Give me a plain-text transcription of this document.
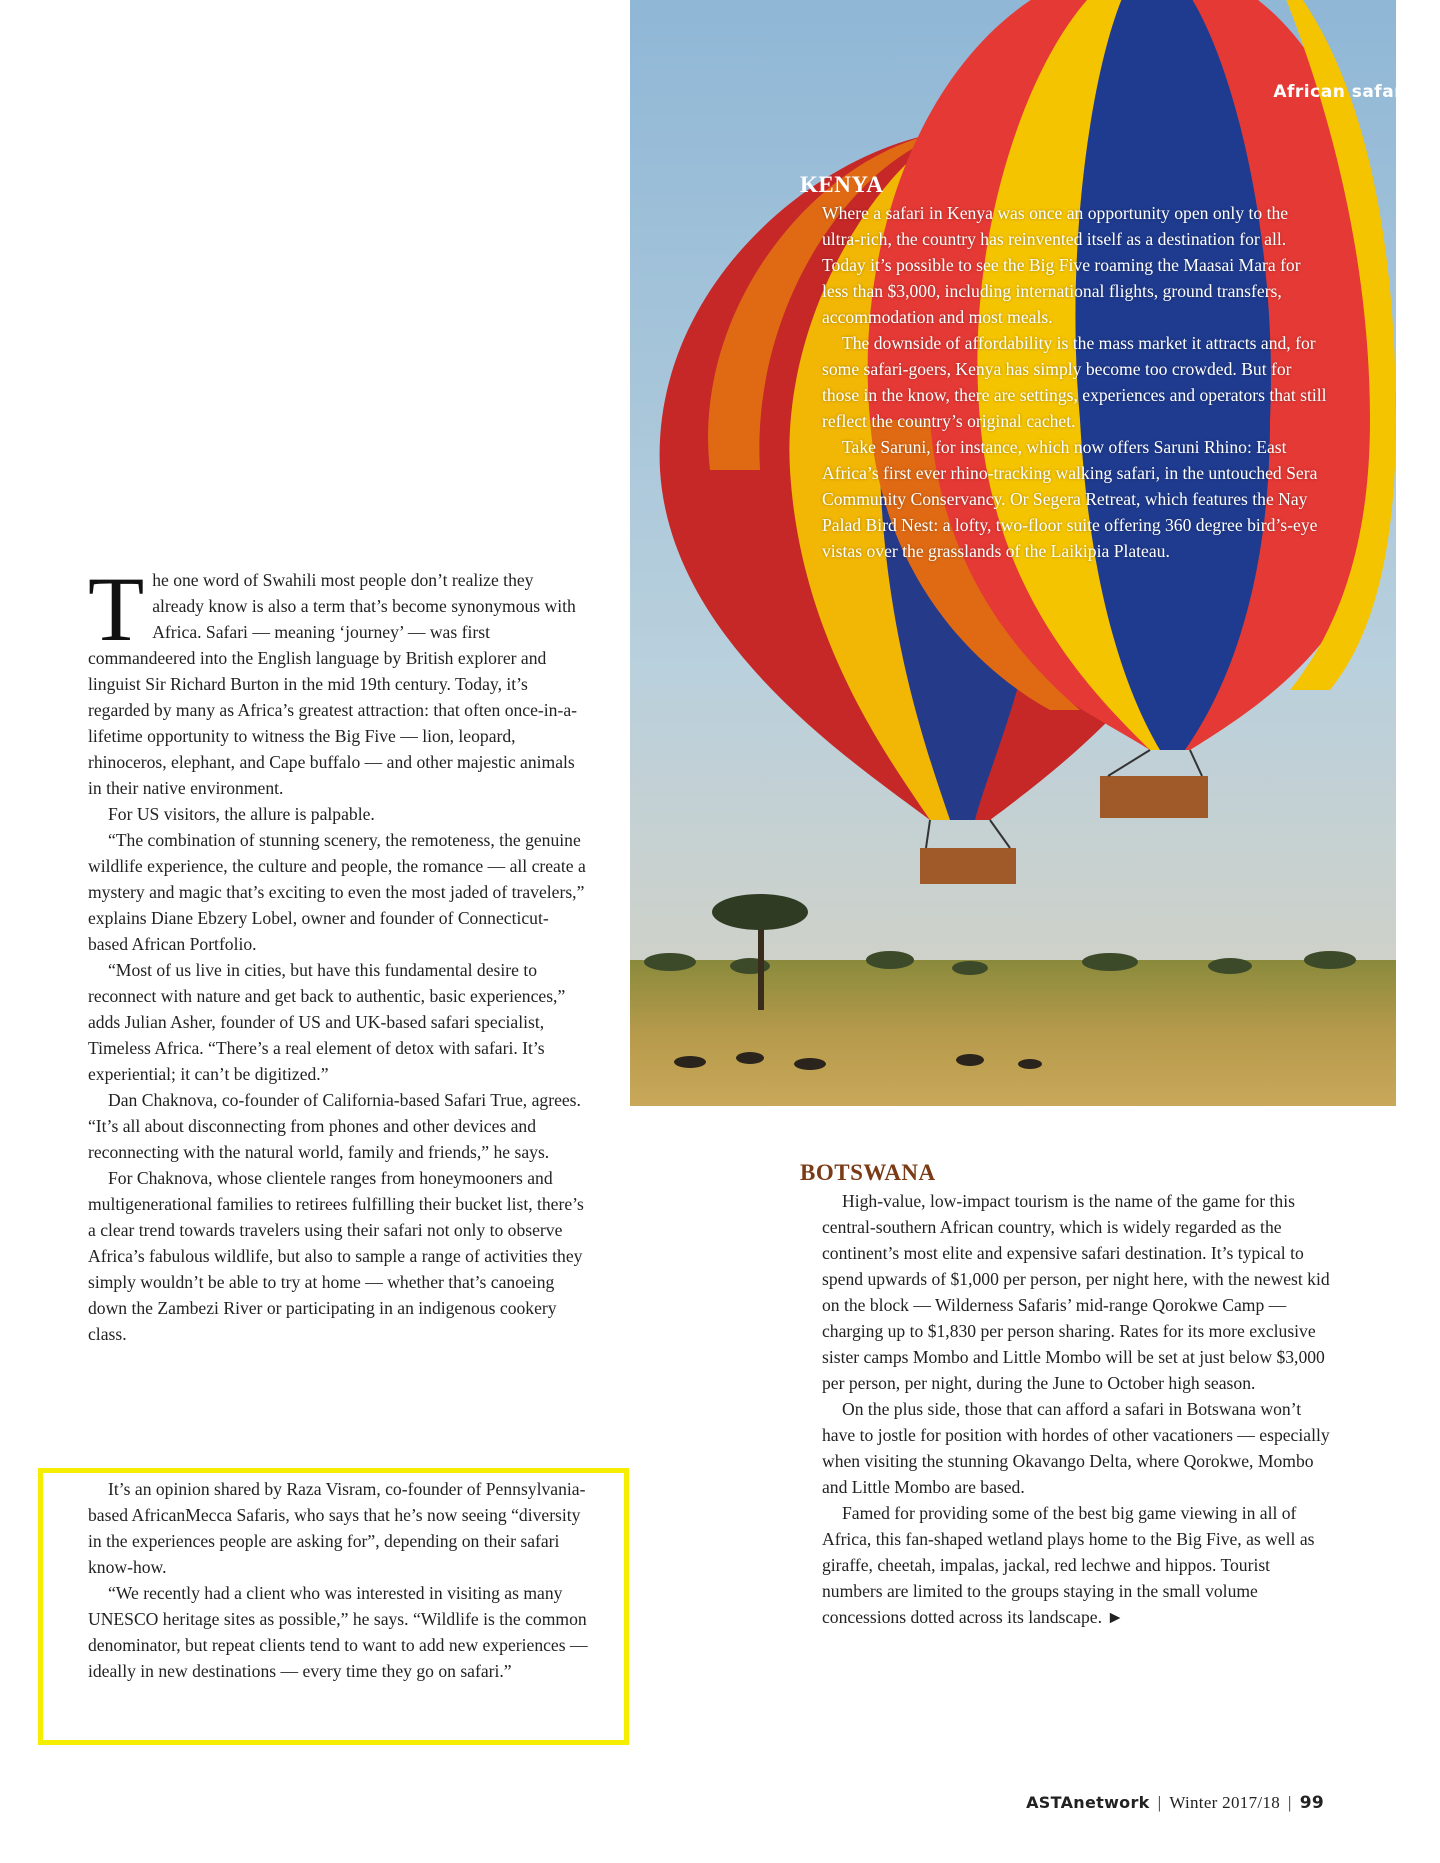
African safaris
KENYA

Where a safari in Kenya was once an opportunity open only to the ultra-rich, the country has reinvented itself as a destination for all. Today it’s possible to see the Big Five roaming the Maasai Mara for less than $3,000, including international flights, ground transfers, accommodation and most meals.

The downside of affordability is the mass market it attracts and, for some safari-goers, Kenya has simply become too crowded. But for those in the know, there are settings, experiences and operators that still reflect the country’s original cachet.

Take Saruni, for instance, which now offers Saruni Rhino: East Africa’s first ever rhino-tracking walking safari, in the untouched Sera Community Conservancy. Or Segera Retreat, which features the Nay Palad Bird Nest: a lofty, two-floor suite offering 360 degree bird’s-eye vistas over the grasslands of the Laikipia Plateau.

The one word of Swahili most people don’t realize they already know is also a term that’s become synonymous with Africa. Safari — meaning ‘journey’ — was first commandeered into the English language by British explorer and linguist Sir Richard Burton in the mid 19th century. Today, it’s regarded by many as Africa’s greatest attraction: that often once-in-a-lifetime opportunity to witness the Big Five — lion, leopard, rhinoceros, elephant, and Cape buffalo — and other majestic animals in their native environment.

For US visitors, the allure is palpable.

“The combination of stunning scenery, the remoteness, the genuine wildlife experience, the culture and people, the romance — all create a mystery and magic that’s exciting to even the most jaded of travelers,” explains Diane Ebzery Lobel, owner and founder of Connecticut-based African Portfolio.

“Most of us live in cities, but have this fundamental desire to reconnect with nature and get back to authentic, basic experiences,” adds Julian Asher, founder of US and UK-based safari specialist, Timeless Africa. “There’s a real element of detox with safari. It’s experiential; it can’t be digitized.”

Dan Chaknova, co-founder of California-based Safari True, agrees. “It’s all about disconnecting from phones and other devices and reconnecting with the natural world, family and friends,” he says.

For Chaknova, whose clientele ranges from honeymooners and multigenerational families to retirees fulfilling their bucket list, there’s a clear trend towards travelers using their safari not only to observe Africa’s fabulous wildlife, but also to sample a range of activities they simply wouldn’t be able to try at home — whether that’s canoeing down the Zambezi River or participating in an indigenous cookery class.

It’s an opinion shared by Raza Visram, co-founder of Pennsylvania-based AfricanMecca Safaris, who says that he’s now seeing “diversity in the experiences people are asking for”, depending on their safari know-how.

“We recently had a client who was interested in visiting as many UNESCO heritage sites as possible,” he says. “Wildlife is the common denominator, but repeat clients tend to want to add new experiences — ideally in new destinations — every time they go on safari.”

BOTSWANA

High-value, low-impact tourism is the name of the game for this central-southern African country, which is widely regarded as the continent’s most elite and expensive safari destination. It’s typical to spend upwards of $1,000 per person, per night here, with the newest kid on the block — Wilderness Safaris’ mid-range Qorokwe Camp — charging up to $1,830 per person sharing. Rates for its more exclusive sister camps Mombo and Little Mombo will be set at just below $3,000 per person, per night, during the June to October high season.

On the plus side, those that can afford a safari in Botswana won’t have to jostle for position with hordes of other vacationers — especially when visiting the stunning Okavango Delta, where Qorokwe, Mombo and Little Mombo are based.

Famed for providing some of the best big game viewing in all of Africa, this fan-shaped wetland plays home to the Big Five, as well as giraffe, cheetah, impalas, jackal, red lechwe and hippos. Tourist numbers are limited to the groups staying in the small volume concessions dotted across its landscape. ►

ASTAnetwork | Winter 2017/18 | 99
